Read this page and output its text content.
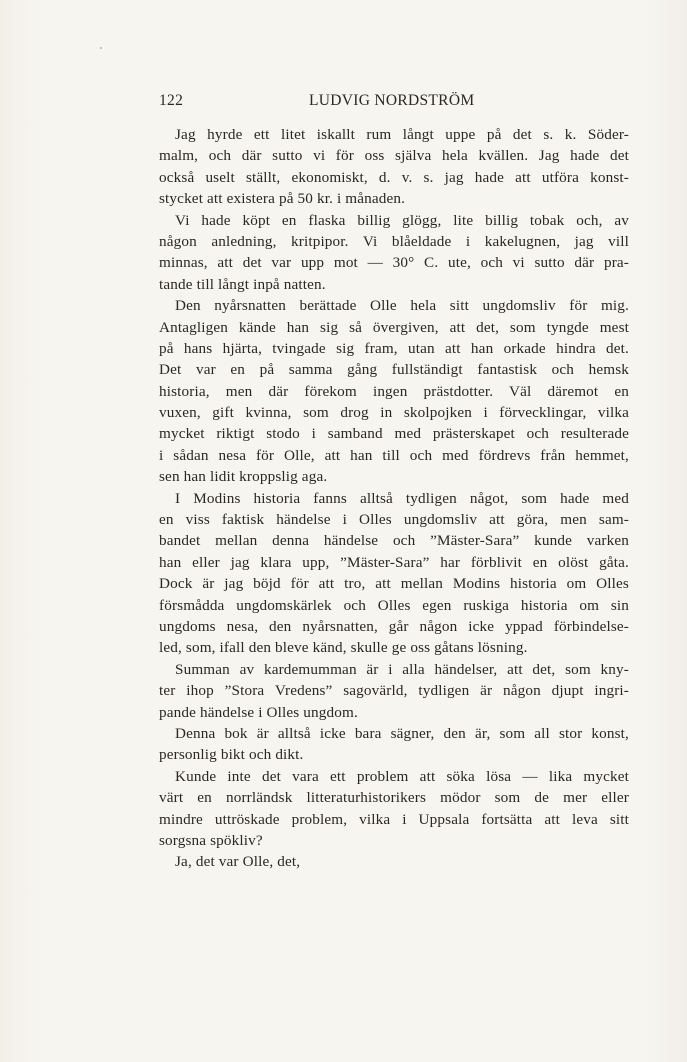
122	LUDVIG NORDSTRÖM
Jag hyrde ett litet iskallt rum långt uppe på det s. k. Söder-
malm, och där sutto vi för oss själva hela kvällen. Jag hade det
också uselt ställt, ekonomiskt, d. v. s. jag hade att utföra konst-
stycket att existera på 50 kr. i månaden.
Vi hade köpt en flaska billig glögg, lite billig tobak och, av
någon anledning, kritpipor. Vi blåeldade i kakelugnen, jag vill
minnas, att det var upp mot — 30° C. ute, och vi sutto där pra-
tande till långt inpå natten.
Den nyårsnatten berättade Olle hela sitt ungdomsliv för mig.
Antagligen kände han sig så övergiven, att det, som tyngde mest
på hans hjärta, tvingade sig fram, utan att han orkade hindra det.
Det var en på samma gång fullständigt fantastisk och hemsk
historia, men där förekom ingen prästdotter. Väl däremot en
vuxen, gift kvinna, som drog in skolpojken i förvecklingar, vilka
mycket riktigt stodo i samband med prästerskapet och resulterade
i sådan nesa för Olle, att han till och med fördrevs från hemmet,
sen han lidit kroppslig aga.
I Modins historia fanns alltså tydligen något, som hade med
en viss faktisk händelse i Olles ungdomsliv att göra, men sam-
bandet mellan denna händelse och ”Mäster-Sara” kunde varken
han eller jag klara upp, ”Mäster-Sara” har förblivit en olöst gåta.
Dock är jag böjd för att tro, att mellan Modins historia om Olles
försmådda ungdomskärlek och Olles egen ruskiga historia om sin
ungdoms nesa, den nyårsnatten, går någon icke yppad förbindelse-
led, som, ifall den bleve känd, skulle ge oss gåtans lösning.
Summan av kardemumman är i alla händelser, att det, som kny-
ter ihop ”Stora Vredens” sagovärld, tydligen är någon djupt ingri-
pande händelse i Olles ungdom.
Denna bok är alltså icke bara sägner, den är, som all stor konst,
personlig bikt och dikt.
Kunde inte det vara ett problem att söka lösa — lika mycket
värt en norrländsk litteraturhistorikers mödor som de mer eller
mindre uttröskade problem, vilka i Uppsala fortsätta att leva sitt
sorgsna spökliv?
Ja, det var Olle, det,
